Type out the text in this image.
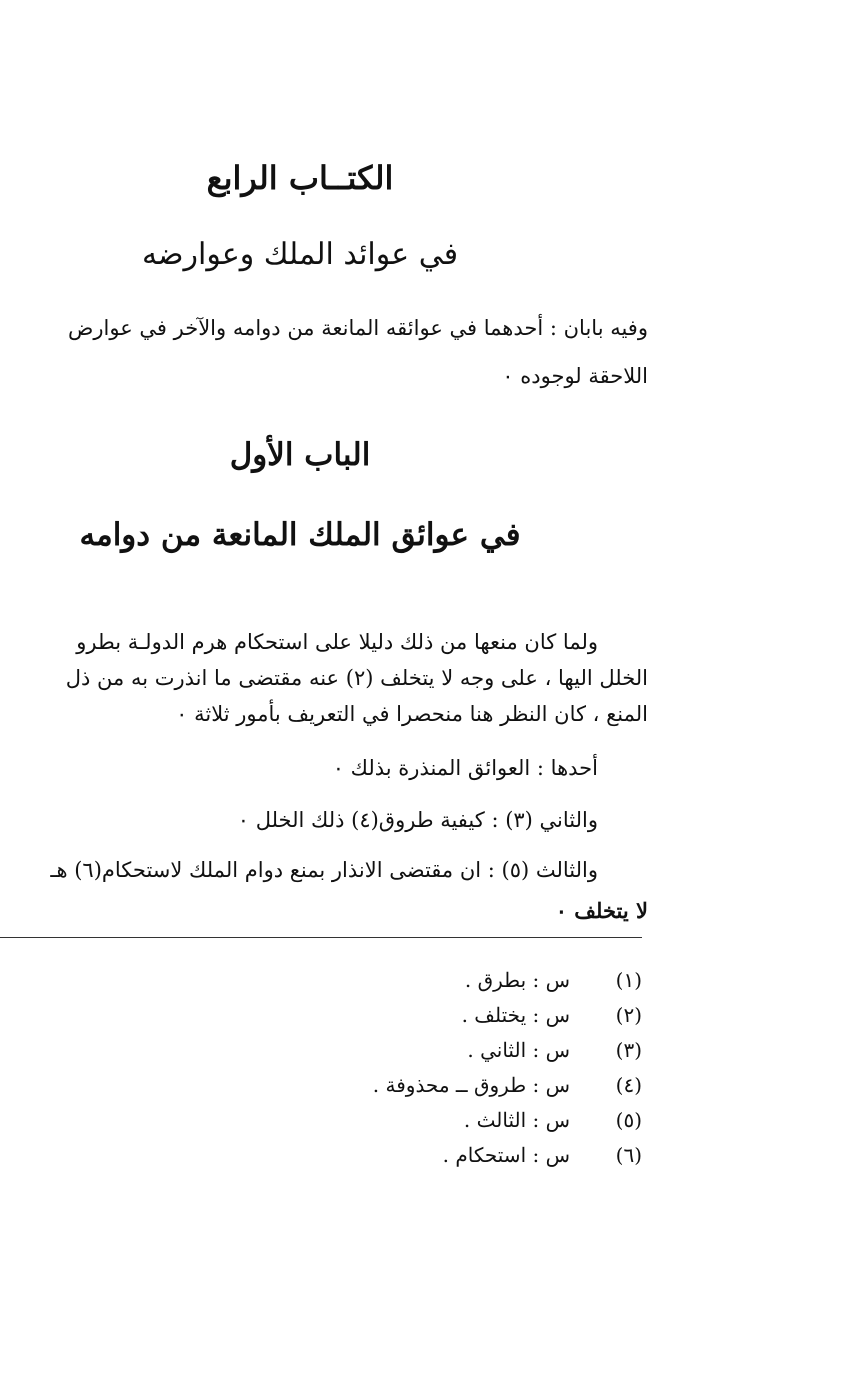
الكتــاب الرابع
في عوائد الملك وعوارضه
وفيه بابان : أحدهما في عوائقه المانعة من دوامه والآخر في عوارض
اللاحقة لوجوده ٠
الباب الأول
في عوائق الملك المانعة من دوامه
ولما كان منعها من ذلك دليلا على استحكام هرم الدولـة بطرو
الخلل اليها ، على وجه لا يتخلف (٢) عنه مقتضى ما انذرت به من ذل
المنع ، كان النظر هنا منحصرا في التعريف بأمور ثلاثة ٠
أحدها : العوائق المنذرة بذلك ٠
والثاني (٣) : كيفية طروق(٤) ذلك الخلل ٠
والثالث (٥) : ان مقتضى الانذار بمنع دوام الملك لاستحكام(٦) هـ
لا يتخلف ٠
(١)
س : بطرق .
(٢)
س : يختلف .
(٣)
س : الثاني .
(٤)
س : طروق ــ محذوفة .
(٥)
س : الثالث .
(٦)
س : استحكام .
